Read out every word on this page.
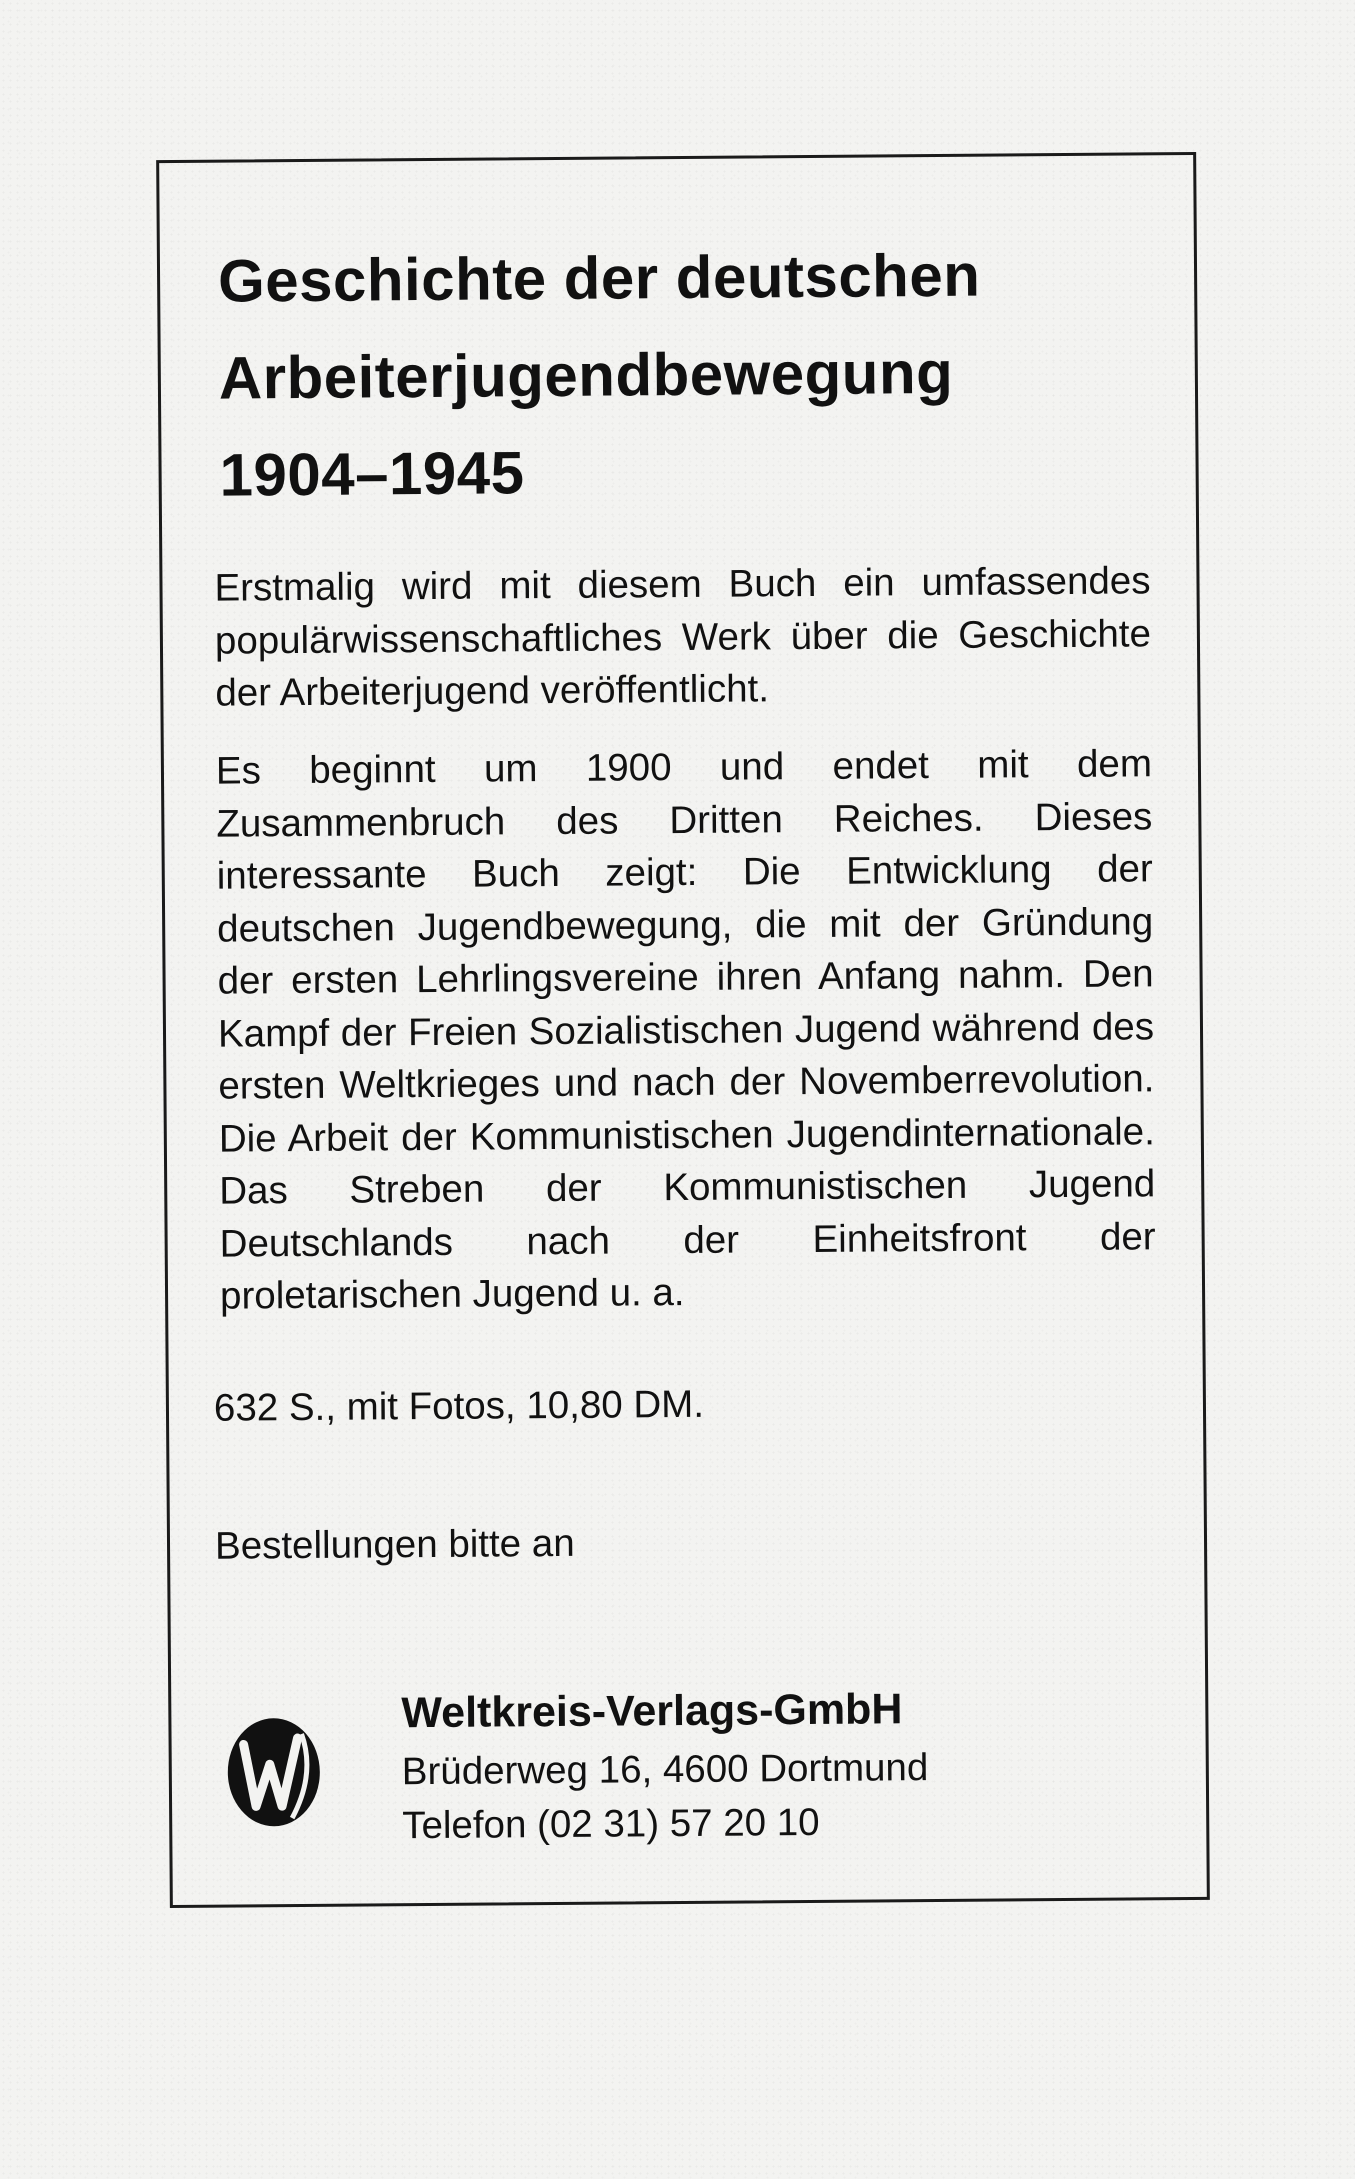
Geschichte der deutschen
Arbeiterjugendbewegung
1904–1945

Erstmalig wird mit diesem Buch ein umfassendes populärwissenschaftliches Werk über die Geschichte der Arbeiterjugend veröffentlicht.

Es beginnt um 1900 und endet mit dem Zusammenbruch des Dritten Reiches. Dieses interessante Buch zeigt: Die Entwicklung der deutschen Jugendbewegung, die mit der Gründung der ersten Lehrlingsvereine ihren Anfang nahm. Den Kampf der Freien Sozialistischen Jugend während des ersten Weltkrieges und nach der Novemberrevolution. Die Arbeit der Kommunistischen Jugendinternationale. Das Streben der Kommunistischen Jugend Deutschlands nach der Einheitsfront der proletarischen Jugend u. a.

632 S., mit Fotos, 10,80 DM.

Bestellungen bitte an

Weltkreis-Verlags-GmbH
Brüderweg 16, 4600 Dortmund
Telefon (02 31) 57 20 10
